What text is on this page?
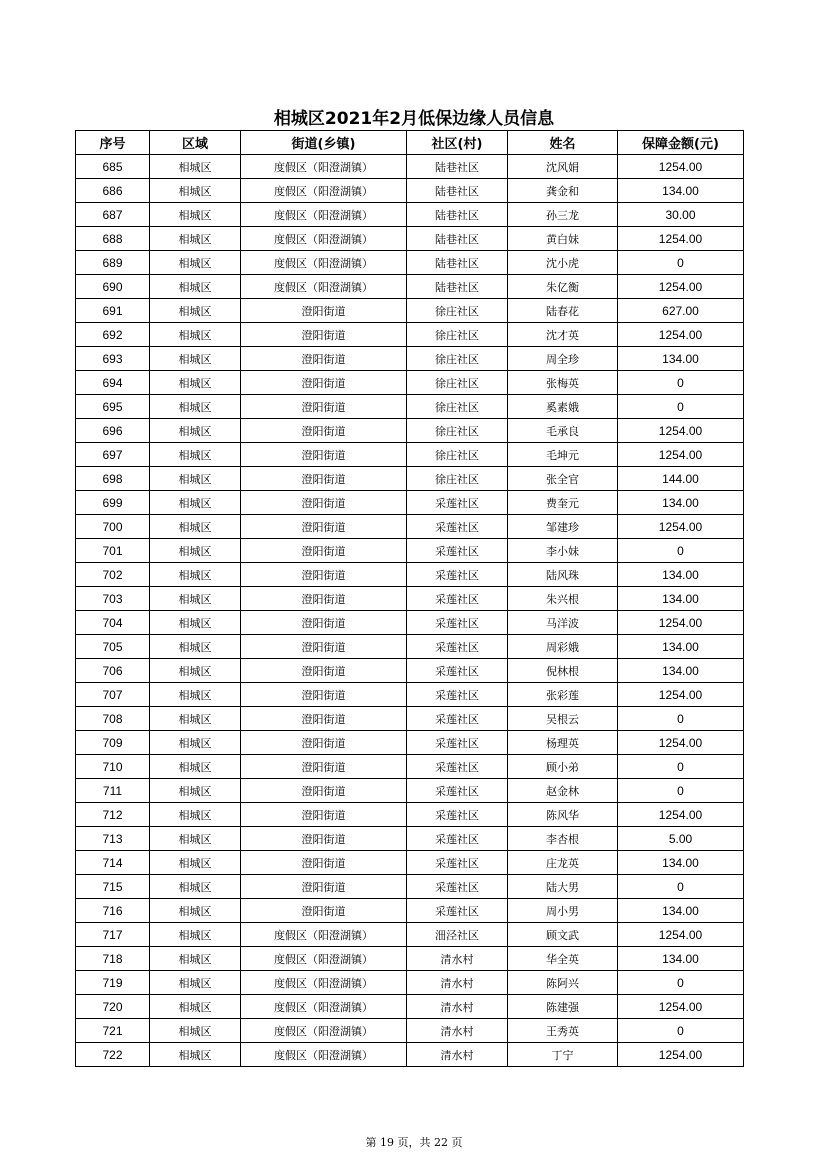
相城区2021年2月低保边缘人员信息
序号	区域	街道(乡镇)	社区(村)	姓名	保障金额(元)
685	相城区	度假区（阳澄湖镇）	陆巷社区	沈风娟	1254.00
686	相城区	度假区（阳澄湖镇）	陆巷社区	龚金和	134.00
687	相城区	度假区（阳澄湖镇）	陆巷社区	孙三龙	30.00
688	相城区	度假区（阳澄湖镇）	陆巷社区	黄白妹	1254.00
689	相城区	度假区（阳澄湖镇）	陆巷社区	沈小虎	0
690	相城区	度假区（阳澄湖镇）	陆巷社区	朱亿衡	1254.00
691	相城区	澄阳街道	徐庄社区	陆春花	627.00
692	相城区	澄阳街道	徐庄社区	沈才英	1254.00
693	相城区	澄阳街道	徐庄社区	周全珍	134.00
694	相城区	澄阳街道	徐庄社区	张梅英	0
695	相城区	澄阳街道	徐庄社区	奚素娥	0
696	相城区	澄阳街道	徐庄社区	毛承良	1254.00
697	相城区	澄阳街道	徐庄社区	毛坤元	1254.00
698	相城区	澄阳街道	徐庄社区	张全官	144.00
699	相城区	澄阳街道	采莲社区	费奎元	134.00
700	相城区	澄阳街道	采莲社区	邹建珍	1254.00
701	相城区	澄阳街道	采莲社区	李小妹	0
702	相城区	澄阳街道	采莲社区	陆风珠	134.00
703	相城区	澄阳街道	采莲社区	朱兴根	134.00
704	相城区	澄阳街道	采莲社区	马洋波	1254.00
705	相城区	澄阳街道	采莲社区	周彩娥	134.00
706	相城区	澄阳街道	采莲社区	倪林根	134.00
707	相城区	澄阳街道	采莲社区	张彩莲	1254.00
708	相城区	澄阳街道	采莲社区	吴根云	0
709	相城区	澄阳街道	采莲社区	杨理英	1254.00
710	相城区	澄阳街道	采莲社区	顾小弟	0
711	相城区	澄阳街道	采莲社区	赵金林	0
712	相城区	澄阳街道	采莲社区	陈风华	1254.00
713	相城区	澄阳街道	采莲社区	李杏根	5.00
714	相城区	澄阳街道	采莲社区	庄龙英	134.00
715	相城区	澄阳街道	采莲社区	陆大男	0
716	相城区	澄阳街道	采莲社区	周小男	134.00
717	相城区	度假区（阳澄湖镇）	沺泾社区	顾文武	1254.00
718	相城区	度假区（阳澄湖镇）	清水村	华全英	134.00
719	相城区	度假区（阳澄湖镇）	清水村	陈阿兴	0
720	相城区	度假区（阳澄湖镇）	清水村	陈建强	1254.00
721	相城区	度假区（阳澄湖镇）	清水村	王秀英	0
722	相城区	度假区（阳澄湖镇）	清水村	丁宁	1254.00
第 19 页，共 22 页
